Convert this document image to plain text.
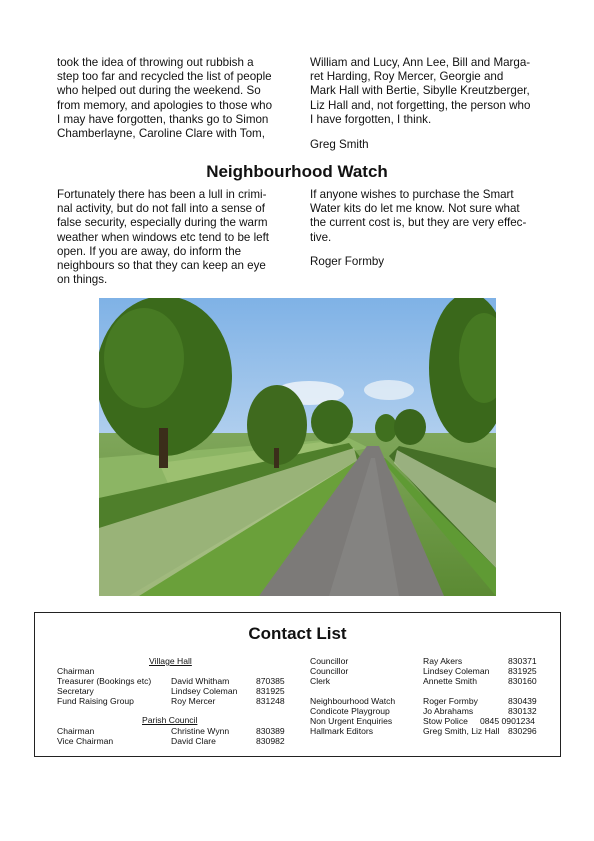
took the idea of throwing out rubbish a
step too far and recycled the list of people
who helped out during the weekend. So
from memory, and apologies to those who
I may have forgotten, thanks go to Simon
Chamberlayne, Caroline Clare with Tom,
William and Lucy, Ann Lee, Bill and Marga-
ret Harding, Roy Mercer, Georgie and
Mark Hall with Bertie, Sibylle Kreutzberger,
Liz Hall and, not forgetting, the person who
I have forgotten, I think.
Greg Smith
Neighbourhood Watch
Fortunately there has been a lull in crimi-
nal activity, but do not fall into a sense of
false security, especially during the warm
weather when windows etc tend to be left
open. If you are away, do inform the
neighbours so that they can keep an eye
on things.
If anyone wishes to purchase the Smart
Water kits do let me know. Not sure what
the current cost is, but they are very effec-
tive.
Roger Formby
Contact List
Village Hall
Chairman
Treasurer (Bookings etc) David Whitham	870385
Secretary	Lindsey Coleman 831925
Fund Raising Group	Roy Mercer	831248
Parish Council
Chairman	Christine Wynn	830389
Vice Chairman	David Clare	830982
Councillor	Ray Akers	830371
Councillor	Lindsey Coleman 831925
Clerk	Annette Smith	830160
Neighbourhood Watch	Roger Formby	830439
Condicote Playgroup	Jo Abrahams	830132
Non Urgent Enquiries	Stow Police 0845 0901234
Hallmark Editors	Greg Smith, Liz Hall 830296
